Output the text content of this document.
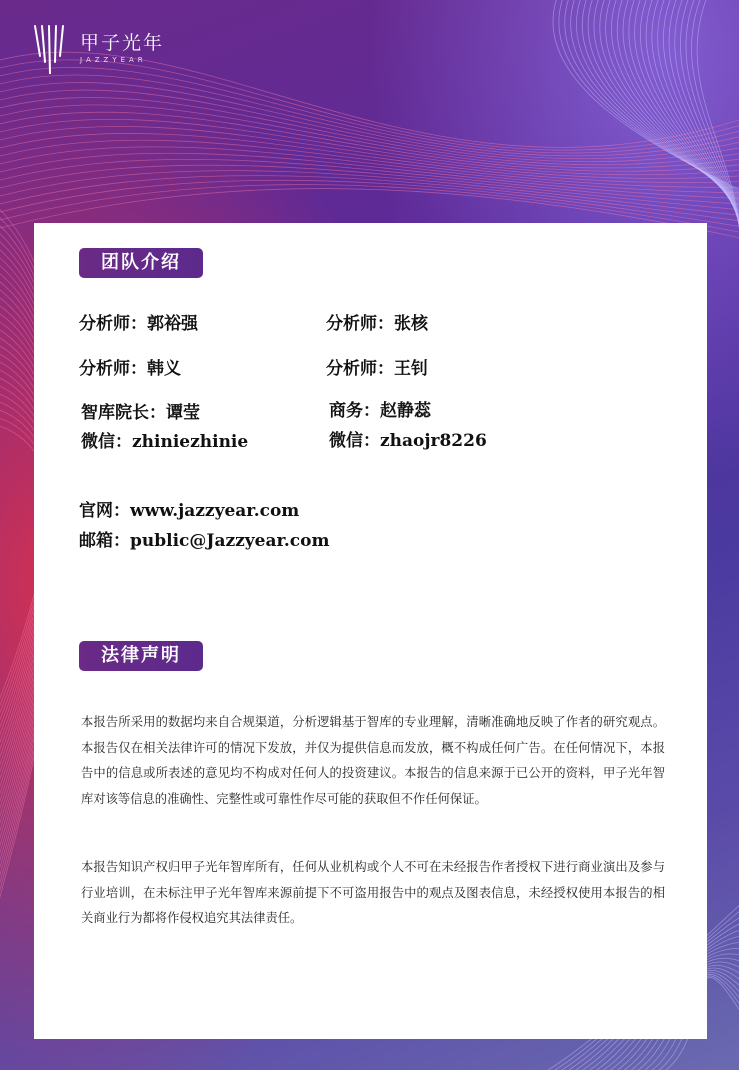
甲子光年
JAZZYEAR
团队介绍
分析师：郭裕强	分析师：张核
分析师：韩义	分析师：王钊
智库院长：谭莹
微信：zhiniezhinie
商务：赵静蕊
微信：zhaojr8226
官网：www.jazzyear.com
邮箱：public@Jazzyear.com
法律声明
本报告所采用的数据均来自合规渠道，分析逻辑基于智库的专业理解，清晰准确地反映了作者的研究观点。本报告仅在相关法律许可的情况下发放，并仅为提供信息而发放，概不构成任何广告。在任何情况下，本报告中的信息或所表述的意见均不构成对任何人的投资建议。本报告的信息来源于已公开的资料，甲子光年智库对该等信息的准确性、完整性或可靠性作尽可能的获取但不作任何保证。
本报告知识产权归甲子光年智库所有，任何从业机构或个人不可在未经报告作者授权下进行商业演出及参与行业培训，在未标注甲子光年智库来源前提下不可盗用报告中的观点及图表信息，未经授权使用本报告的相关商业行为都将作侵权追究其法律责任。
